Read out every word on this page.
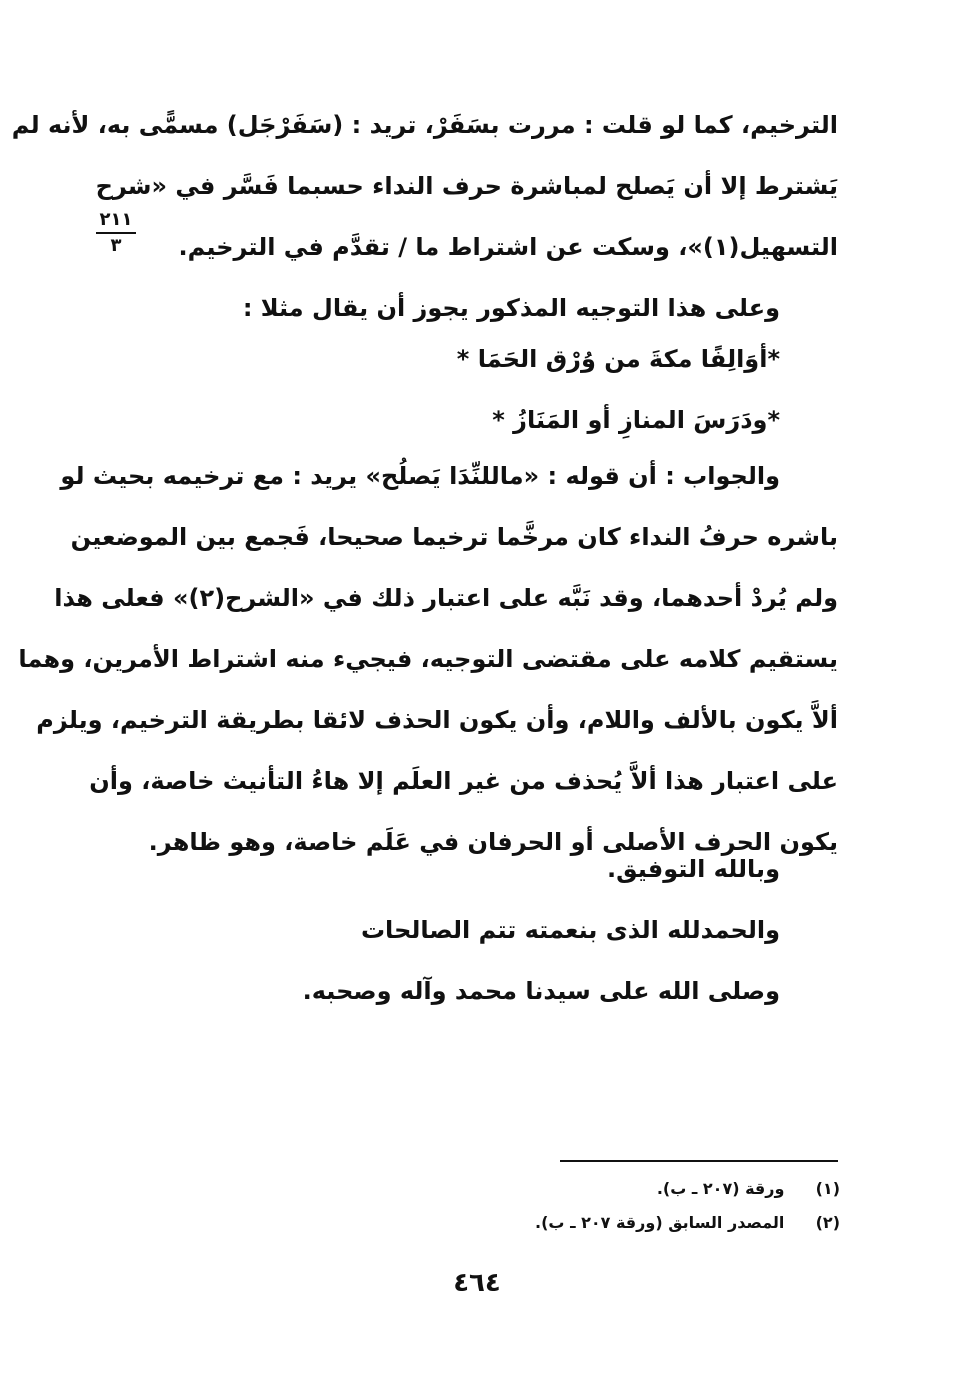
٢١١
٣
الترخيم، كما لو قلت : مررت بسَفَرْ، تريد : (سَفَرْجَل) مسمًّى به، لأنه لم
يَشترط إلا أن يَصلح لمباشرة حرف النداء حسبما فَسَّر في «شرح
التسهيل(١)»، وسكت عن اشتراط ما / تقدَّم في الترخيم.
وعلى هذا التوجيه المذكور يجوز أن يقال مثلا :
*أوَالِفًا مكةَ من وُرْق الحَمَا *
*ودَرَسَ المنازِ أو المَنَازُ *
والجواب : أن قوله : «ماللنِّدَا يَصلُح» يريد : مع ترخيمه بحيث لو
باشره حرفُ النداء كان مرخَّما ترخيما صحيحا، فَجمع بين الموضعين
ولم يُردْ أحدهما، وقد نَبَّه على اعتبار ذلك في «الشرح(٢)» فعلى هذا
يستقيم كلامه على مقتضى التوجيه، فيجيء منه اشتراط الأمرين، وهما
ألاَّ يكون بالألف واللام، وأن يكون الحذف لائقا بطريقة الترخيم، ويلزم
على اعتبار هذا ألاَّ يُحذف من غير العلَم إلا هاءُ التأنيث خاصة، وأن
يكون الحرف الأصلى أو الحرفان في عَلَم خاصة، وهو ظاهر.
وبالله التوفيق.
والحمدلله الذى بنعمته تتم الصالحات
وصلى الله على سيدنا محمد وآله وصحبه.
(١) ورقة (٢٠٧ ـ ب).
(٢) المصدر السابق (ورقة ٢٠٧ ـ ب).
٤٦٤
